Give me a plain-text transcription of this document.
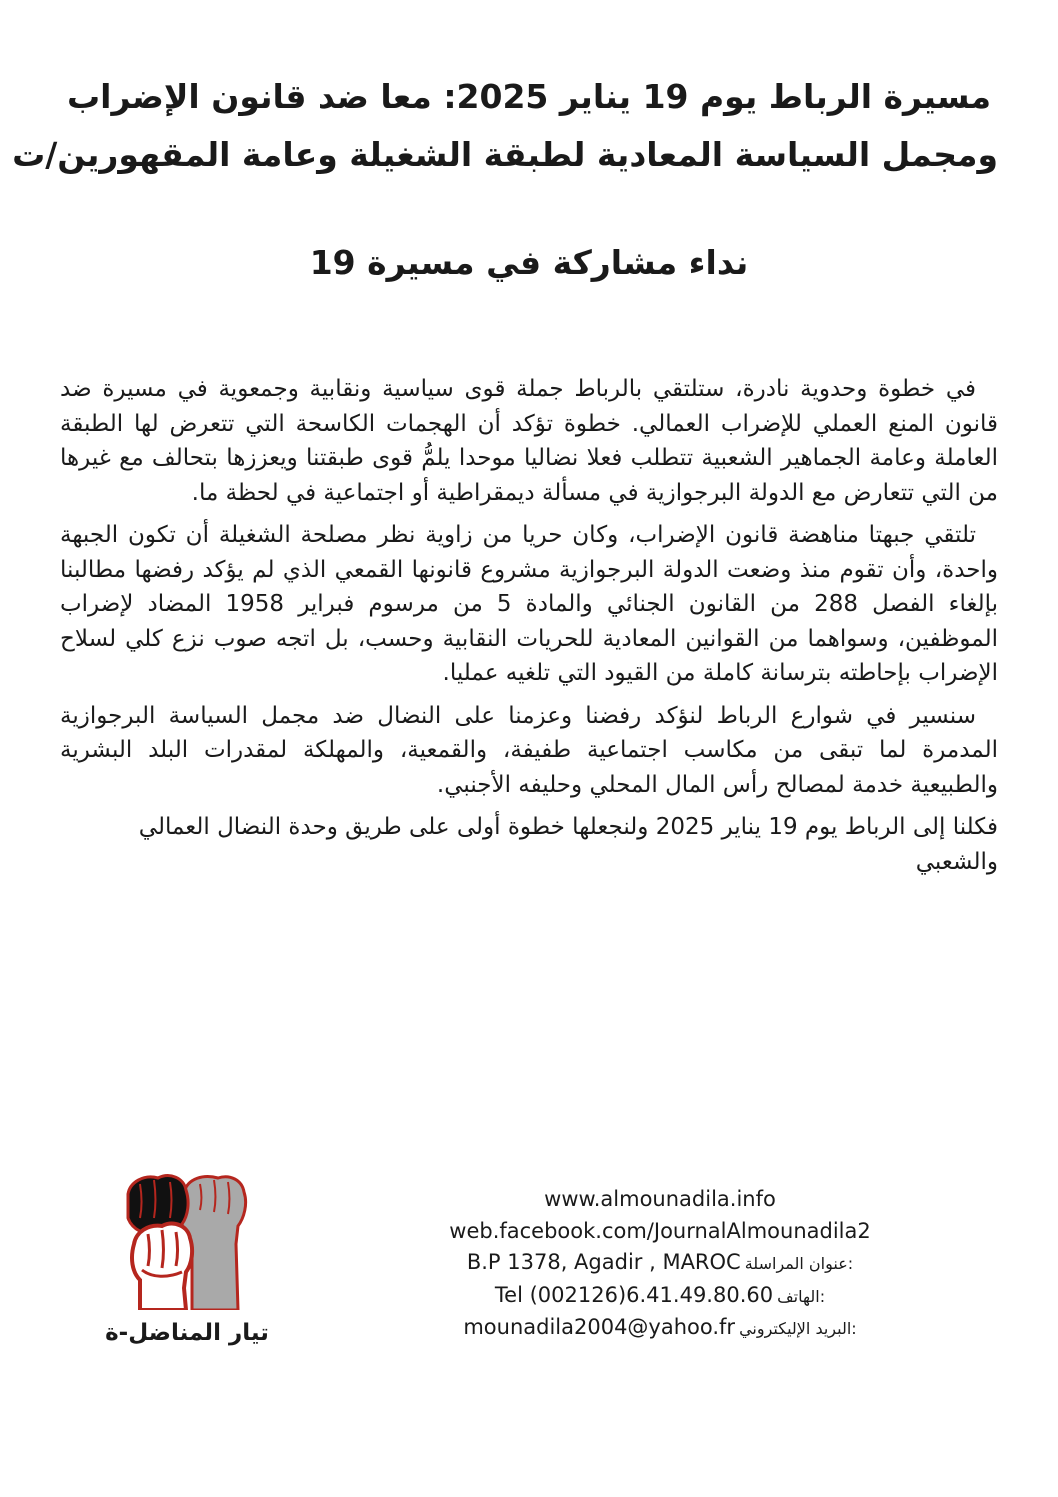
مسيرة الرباط يوم 19 يناير 2025: معا ضد قانون الإضراب

ومجمل السياسة المعادية لطبقة الشغيلة وعامة المقهورين/ت

نداء مشاركة في مسيرة 19

في خطوة وحدوية نادرة، ستلتقي بالرباط جملة قوى سياسية ونقابية وجمعوية في مسيرة ضد قانون المنع العملي للإضراب العمالي. خطوة تؤكد أن الهجمات الكاسحة التي تتعرض لها الطبقة العاملة وعامة الجماهير الشعبية تتطلب فعلا نضاليا موحدا يلمُّ قوى طبقتنا ويعززها بتحالف مع غيرها من التي تتعارض مع الدولة البرجوازية في مسألة ديمقراطية أو اجتماعية في لحظة ما.

تلتقي جبهتا مناهضة قانون الإضراب، وكان حريا من زاوية نظر مصلحة الشغيلة أن تكون الجبهة واحدة، وأن تقوم منذ وضعت الدولة البرجوازية مشروع قانونها القمعي الذي لم يؤكد رفضها مطالبنا بإلغاء الفصل 288 من القانون الجنائي والمادة 5 من مرسوم فبراير 1958 المضاد لإضراب الموظفين، وسواهما من القوانين المعادية للحريات النقابية وحسب، بل اتجه صوب نزع كلي لسلاح الإضراب بإحاطته بترسانة كاملة من القيود التي تلغيه عمليا.

سنسير في شوارع الرباط لنؤكد رفضنا وعزمنا على النضال ضد مجمل السياسة البرجوازية المدمرة لما تبقى من مكاسب اجتماعية طفيفة، والقمعية، والمهلكة لمقدرات البلد البشرية والطبيعية خدمة لمصالح رأس المال المحلي وحليفه الأجنبي.

فكلنا إلى الرباط يوم 19 يناير 2025 ولنجعلها خطوة أولى على طريق وحدة النضال العمالي والشعبي

تيار المناضل-ة
www.almounadila.info
web.facebook.com/JournalAlmounadila2
عنوان المراسلة:
B.P 1378, Agadir , MAROC
الهاتف:
Tel (002126)6.41.49.80.60
البريد الإليكتروني:
mounadila2004@yahoo.fr
